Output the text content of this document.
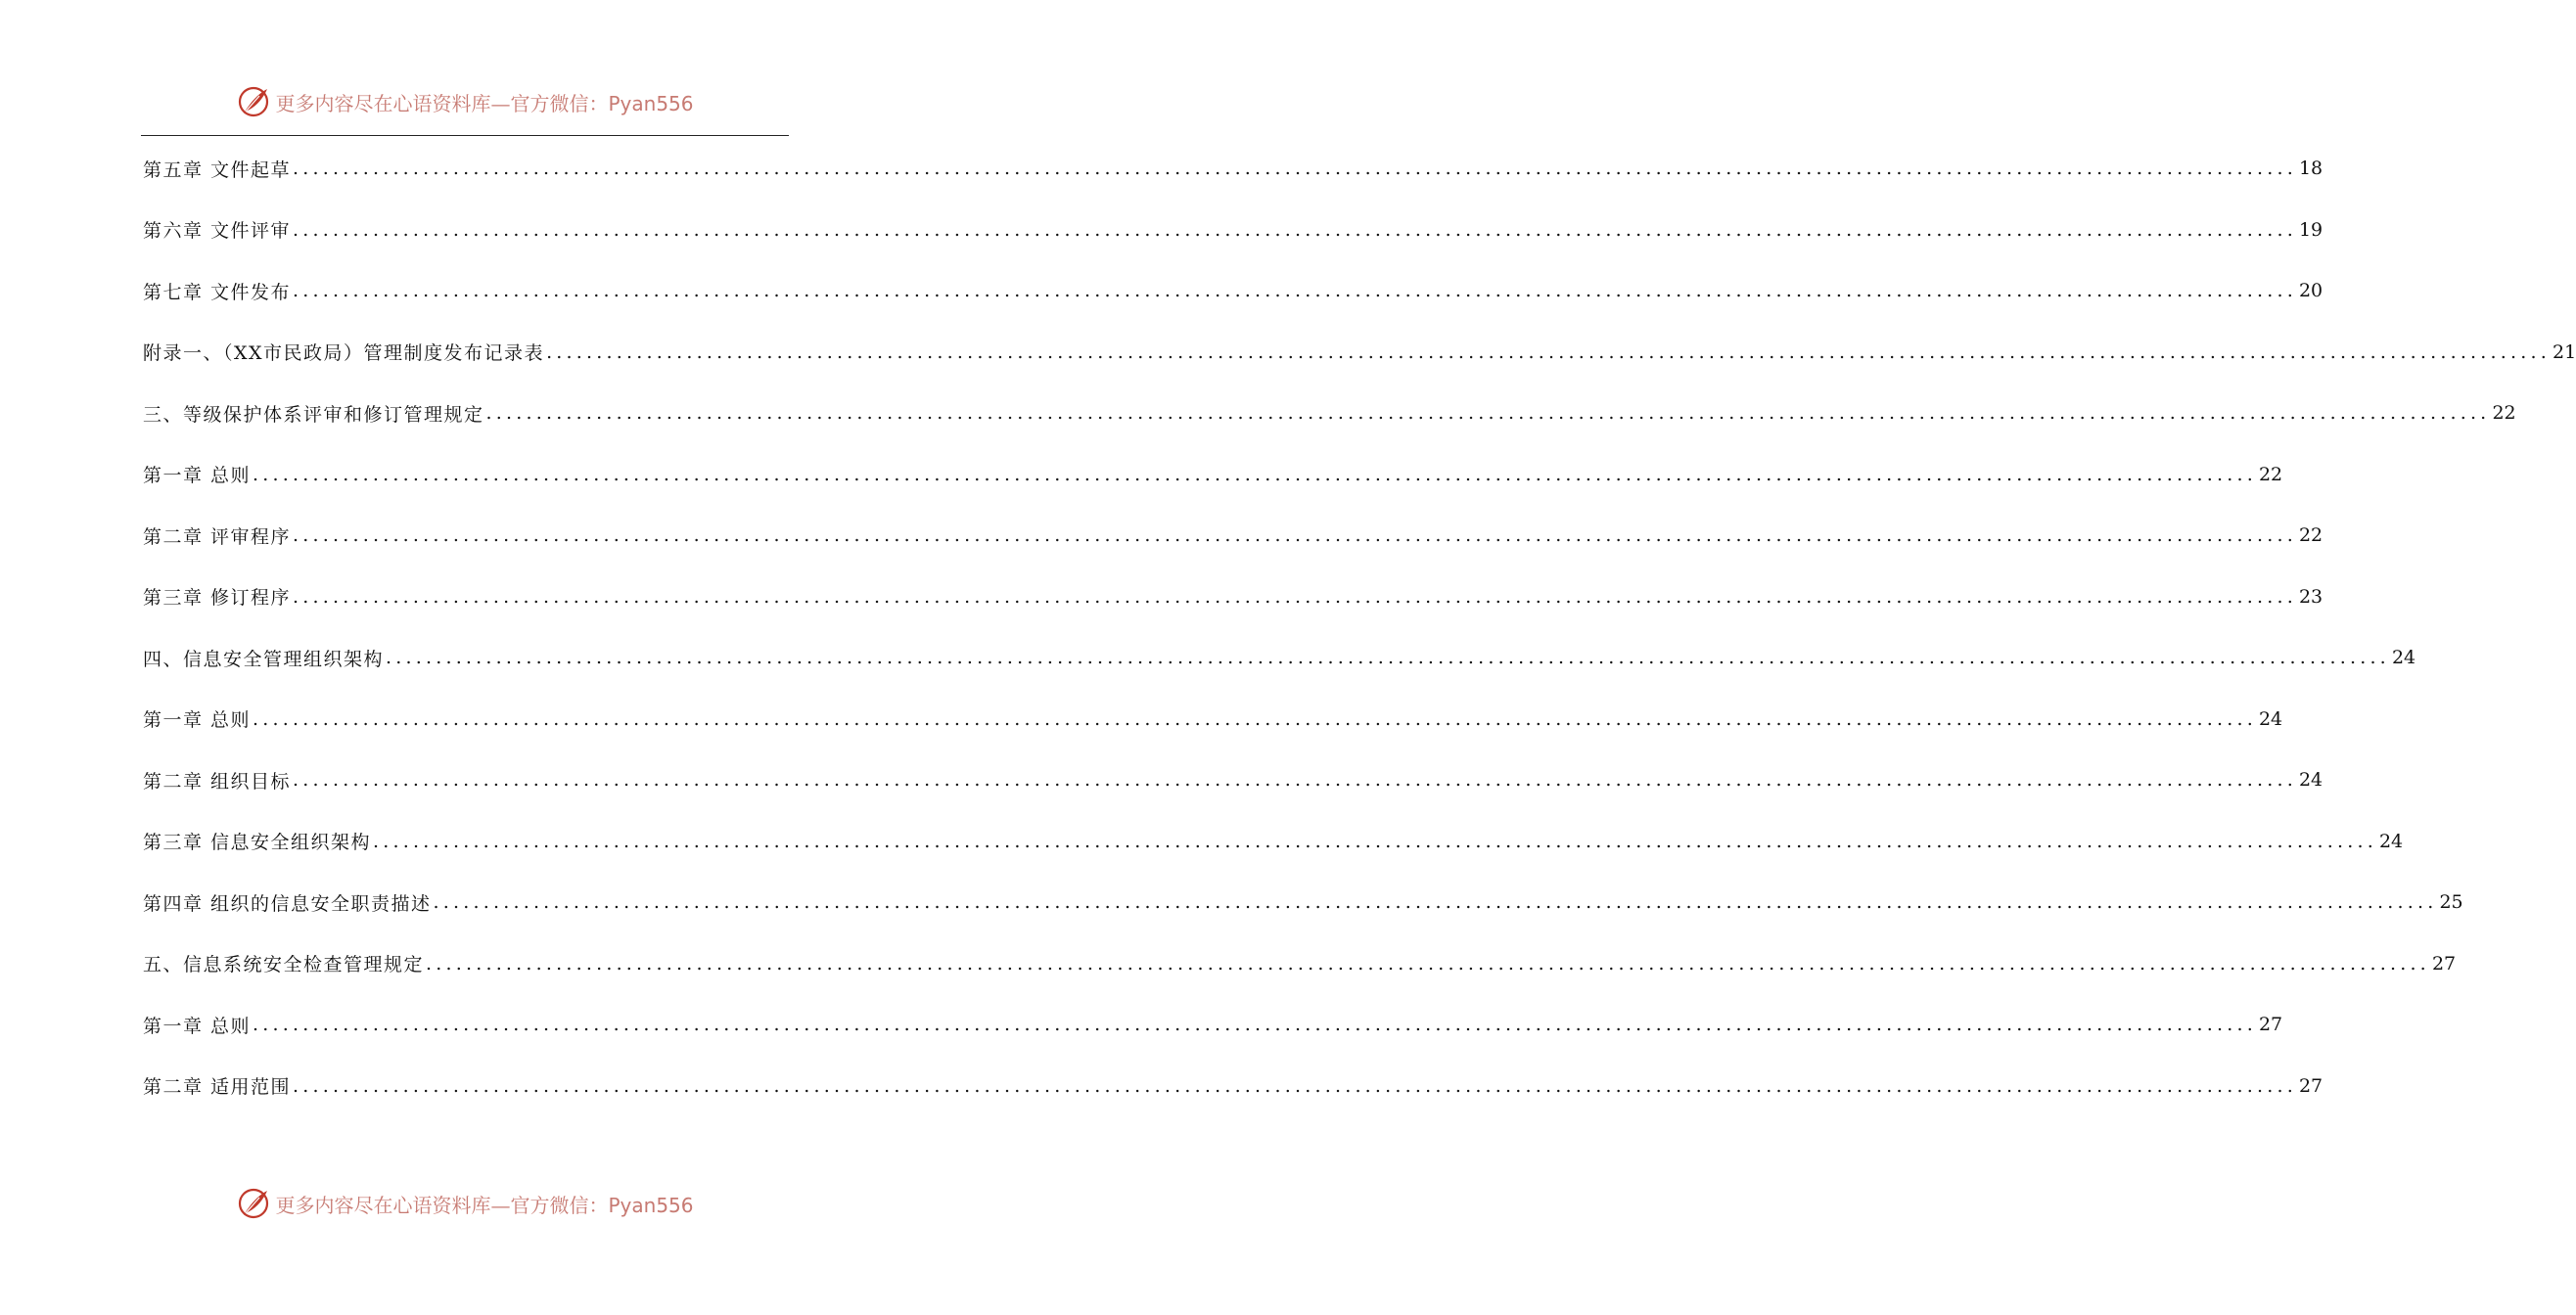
更多内容尽在心语资料库—官方微信：Pyan556
第五章 文件起草 ........................................................................................................................................................................................................ 18
第六章 文件评审 ........................................................................................................................................................................................................ 19
第七章 文件发布 ........................................................................................................................................................................................................ 20
附录一、（XX市民政局）管理制度发布记录表 ........................................................................................................................................................................................................ 21
三、等级保护体系评审和修订管理规定 ........................................................................................................................................................................................................ 22
第一章 总则 ........................................................................................................................................................................................................ 22
第二章 评审程序 ........................................................................................................................................................................................................ 22
第三章 修订程序 ........................................................................................................................................................................................................ 23
四、信息安全管理组织架构 ........................................................................................................................................................................................................ 24
第一章 总则 ........................................................................................................................................................................................................ 24
第二章 组织目标 ........................................................................................................................................................................................................ 24
第三章 信息安全组织架构 ........................................................................................................................................................................................................ 24
第四章 组织的信息安全职责描述 ........................................................................................................................................................................................................ 25
五、信息系统安全检查管理规定 ........................................................................................................................................................................................................ 27
第一章 总则 ........................................................................................................................................................................................................ 27
第二章 适用范围 ........................................................................................................................................................................................................ 27
更多内容尽在心语资料库—官方微信：Pyan556
